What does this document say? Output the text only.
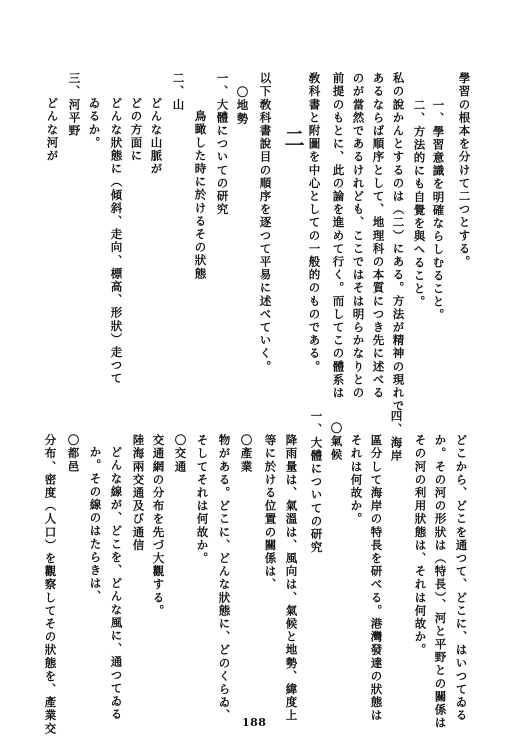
學習の根本を分けて二つとする。
一、學習意識を明確ならしむること。
二、方法的にも自覺を與へること。
私の說かんとするのは（二）にある。方法が精神の現れで
あるならば順序として、地理科の本質につき先に述べる
のが當然であるけれども、ここではそは明らかなりとの
前提のもとに、此の論を進めて行く。而してこの體系は
敎科書と附圖を中心としての一般的のものである。
二
以下敎科書說目の順序を逐つて平易に述べていく。
〇地勢
一、大體についての研究
鳥瞰した時に於けるその狀態
二、山
どんな山脈が
どの方面に
どんな狀態に（傾斜、走向、標高、形狀）走つて
ゐるか。
三、河平野
どんな河が
どこから、どこを通つて、どこに、はいつてゐる
か。その河の形狀は（特長）、河と平野との關係は
その河の利用狀態は、それは何故か。
四、海岸
區分して海岸の特長を研べる。港灣發達の狀態は
それは何故か。
〇氣候
一、大體についての研究
降雨量は、氣溫は、風向は、氣候と地勢、緯度上
等に於ける位置の關係は、
〇產業
物がある。どこに、どんな狀態に、どのくらゐ、
そしてそれは何故か。
〇交通
交通網の分布を先づ大觀する。
陸海兩交通及び通信
どんな線が、どこを、どんな風に、通つてゐる
か。その線のはたらきは、
〇都邑
分布、密度（人口）を觀察してその狀態を、產業交	188
